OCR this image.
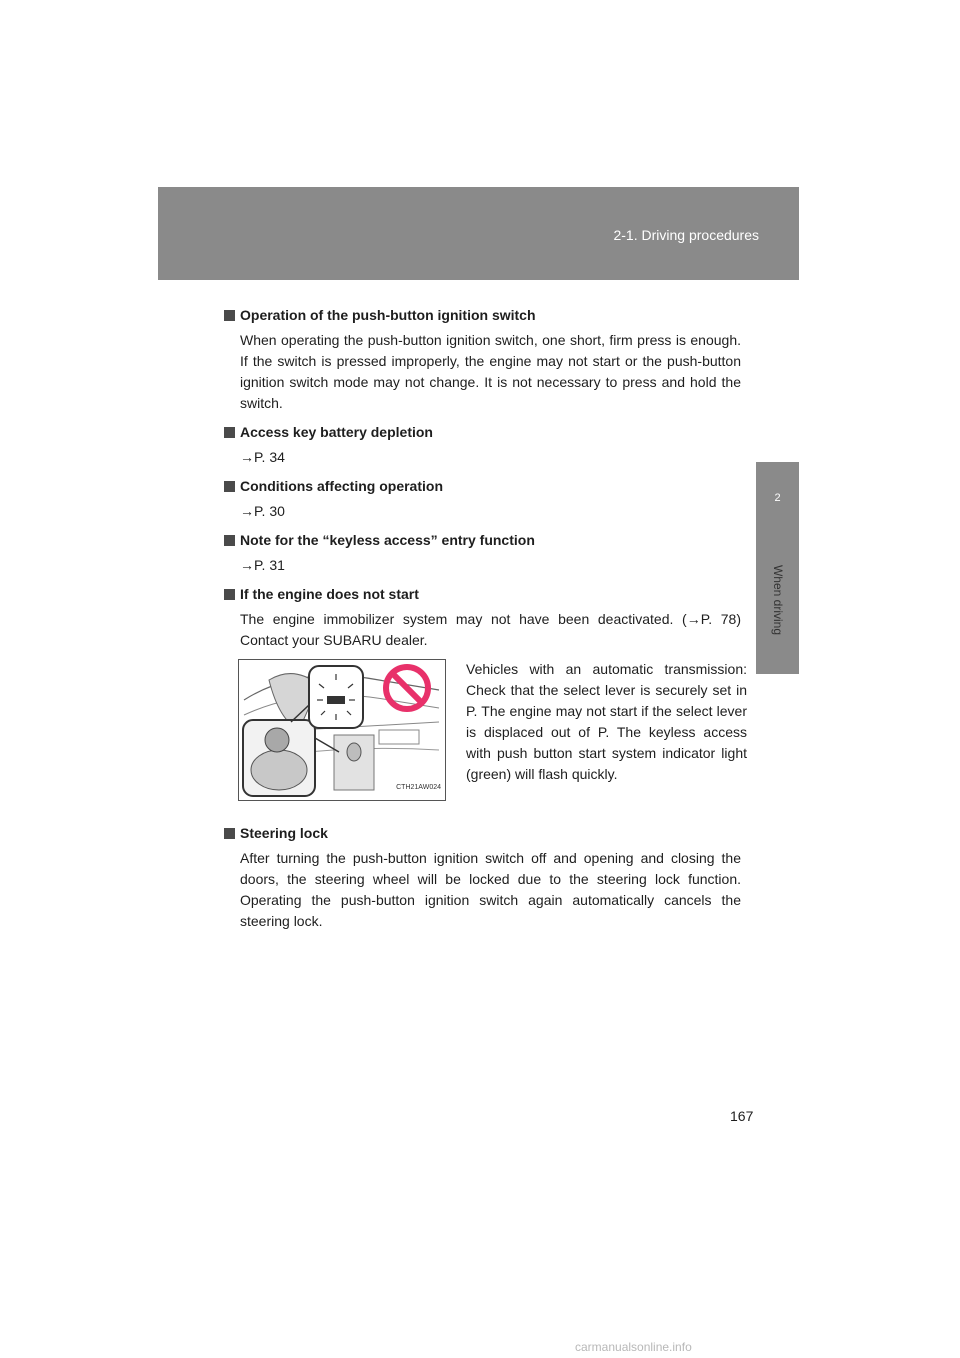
2-1. Driving procedures
2
When driving

Operation of the push-button ignition switch

When operating the push-button ignition switch, one short, firm press is enough. If the switch is pressed improperly, the engine may not start or the push-button ignition switch mode may not change. It is not necessary to press and hold the switch.

Access key battery depletion

→P. 34

Conditions affecting operation

→P. 30

Note for the “keyless access” entry function

→P. 31

If the engine does not start

The engine immobilizer system may not have been deactivated. (→P. 78) Contact your SUBARU dealer.

CTH21AW024
Vehicles with an automatic transmission: Check that the select lever is securely set in P. The engine may not start if the select lever is displaced out of P. The keyless access with push button start system indicator light (green) will flash quickly.

Steering lock

After turning the push-button ignition switch off and opening and closing the doors, the steering wheel will be locked due to the steering lock function. Operating the push-button ignition switch again automatically cancels the steering lock.

167
carmanualsonline.info
